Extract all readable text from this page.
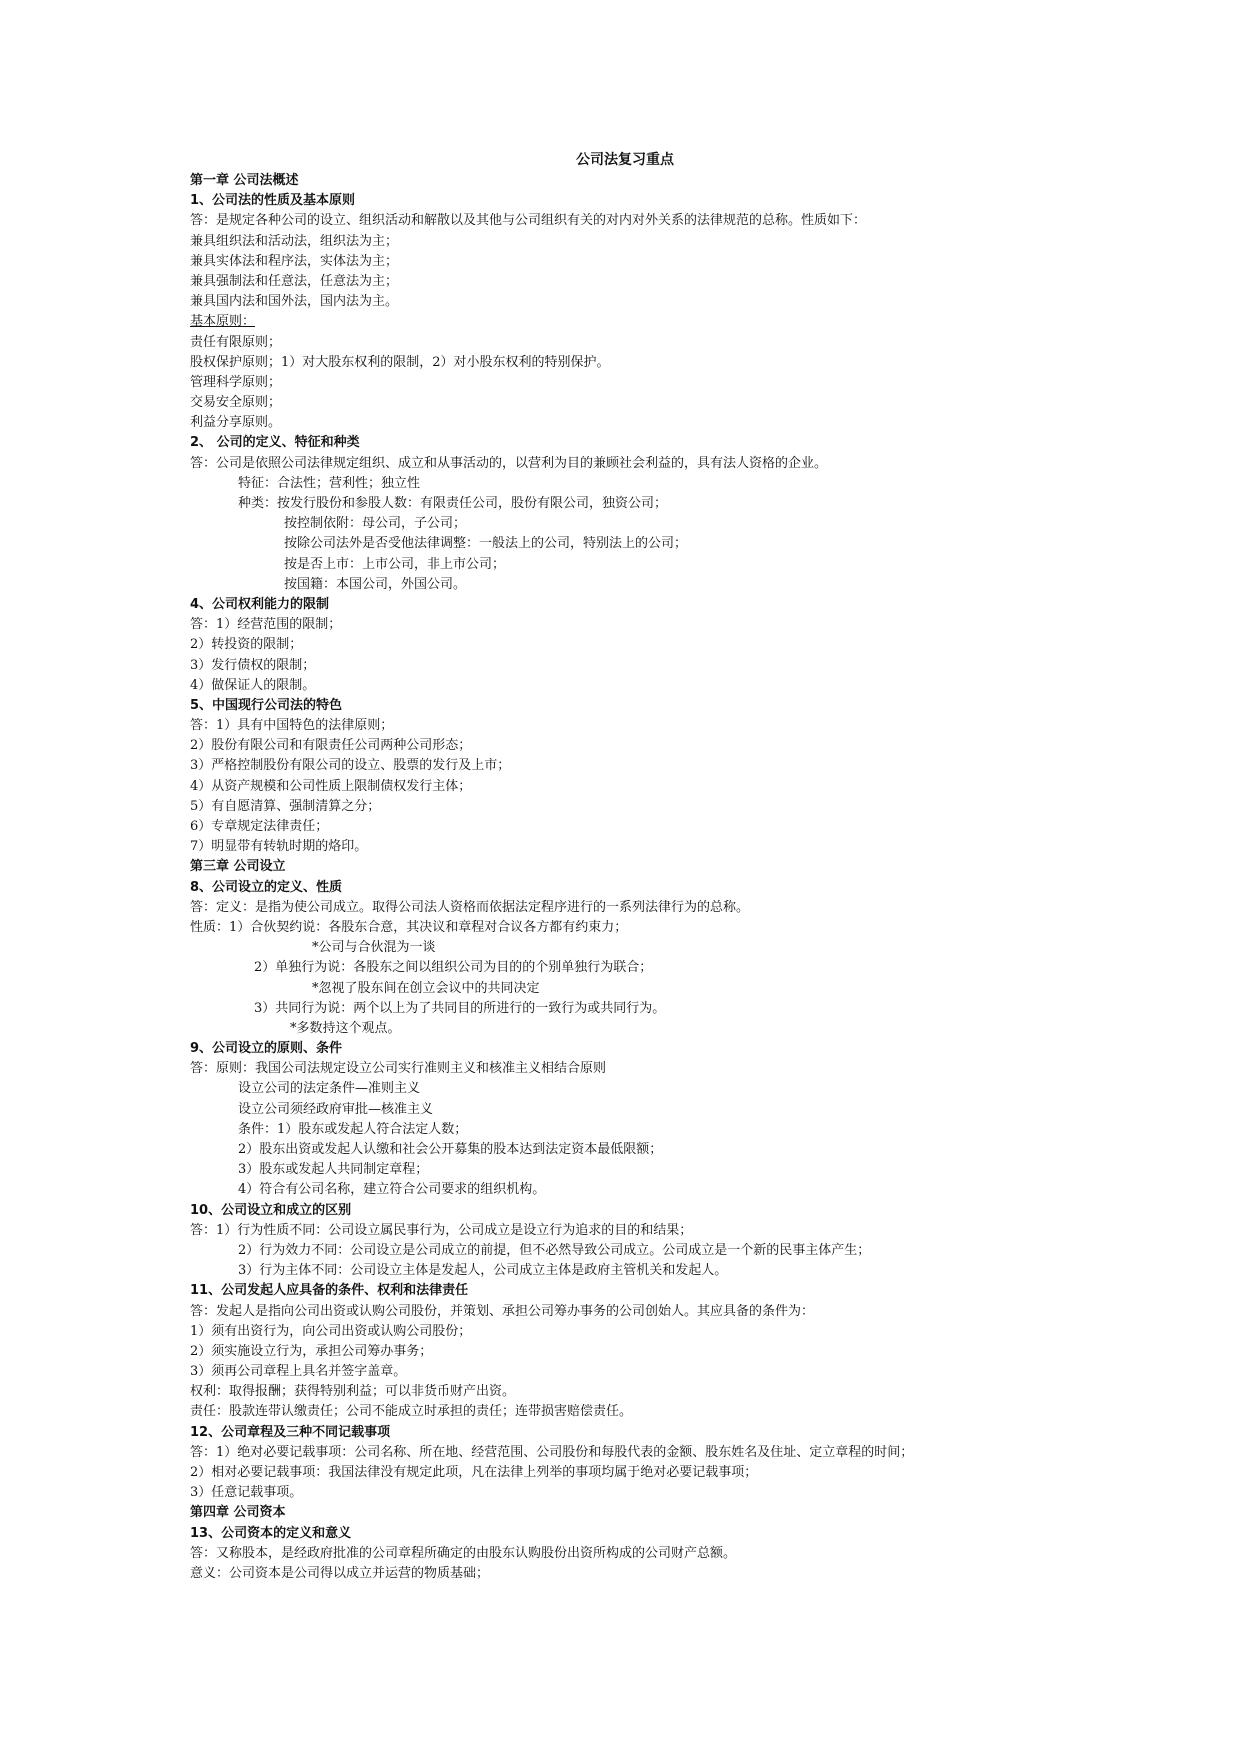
公司法复习重点
第一章 公司法概述
1、公司法的性质及基本原则
答：是规定各种公司的设立、组织活动和解散以及其他与公司组织有关的对内对外关系的法律规范的总称。性质如下：
兼具组织法和活动法，组织法为主；
兼具实体法和程序法，实体法为主；
兼具强制法和任意法，任意法为主；
兼具国内法和国外法，国内法为主。
基本原则：
责任有限原则；
股权保护原则；1）对大股东权利的限制，2）对小股东权利的特别保护。
管理科学原则；
交易安全原则；
利益分享原则。
2、 公司的定义、特征和种类
答：公司是依照公司法律规定组织、成立和从事活动的，以营利为目的兼顾社会利益的，具有法人资格的企业。
特征：合法性；营利性；独立性
种类：按发行股份和参股人数：有限责任公司，股份有限公司，独资公司；
按控制依附：母公司，子公司；
按除公司法外是否受他法律调整：一般法上的公司，特别法上的公司；
按是否上市：上市公司，非上市公司；
按国籍：本国公司，外国公司。
4、公司权利能力的限制
答：1）经营范围的限制；
2）转投资的限制；
3）发行债权的限制；
4）做保证人的限制。
5、中国现行公司法的特色
答：1）具有中国特色的法律原则；
2）股份有限公司和有限责任公司两种公司形态；
3）严格控制股份有限公司的设立、股票的发行及上市；
4）从资产规模和公司性质上限制债权发行主体；
5）有自愿清算、强制清算之分；
6）专章规定法律责任；
7）明显带有转轨时期的烙印。
第三章 公司设立
8、公司设立的定义、性质
答：定义：是指为使公司成立。取得公司法人资格而依据法定程序进行的一系列法律行为的总称。
性质：1）合伙契约说：各股东合意，其决议和章程对合议各方都有约束力；
*公司与合伙混为一谈
2）单独行为说：各股东之间以组织公司为目的的个别单独行为联合；
*忽视了股东间在创立会议中的共同决定
3）共同行为说：两个以上为了共同目的所进行的一致行为或共同行为。
*多数持这个观点。
9、公司设立的原则、条件
答：原则：我国公司法规定设立公司实行准则主义和核准主义相结合原则
设立公司的法定条件—准则主义
设立公司须经政府审批—核准主义
条件：1）股东或发起人符合法定人数；
2）股东出资或发起人认缴和社会公开募集的股本达到法定资本最低限额；
3）股东或发起人共同制定章程；
4）符合有公司名称，建立符合公司要求的组织机构。
10、公司设立和成立的区别
答：1）行为性质不同：公司设立属民事行为，公司成立是设立行为追求的目的和结果；
2）行为效力不同：公司设立是公司成立的前提，但不必然导致公司成立。公司成立是一个新的民事主体产生；
3）行为主体不同：公司设立主体是发起人，公司成立主体是政府主管机关和发起人。
11、公司发起人应具备的条件、权利和法律责任
答：发起人是指向公司出资或认购公司股份，并策划、承担公司筹办事务的公司创始人。其应具备的条件为：
1）须有出资行为，向公司出资或认购公司股份；
2）须实施设立行为，承担公司筹办事务；
3）须再公司章程上具名并签字盖章。
权利：取得报酬；获得特别利益；可以非货币财产出资。
责任：股款连带认缴责任；公司不能成立时承担的责任；连带损害赔偿责任。
12、公司章程及三种不同记载事项
答：1）绝对必要记载事项：公司名称、所在地、经营范围、公司股份和每股代表的金额、股东姓名及住址、定立章程的时间；
2）相对必要记载事项：我国法律没有规定此项，凡在法律上列举的事项均属于绝对必要记载事项；
3）任意记载事项。
第四章 公司资本
13、公司资本的定义和意义
答：又称股本，是经政府批准的公司章程所确定的由股东认购股份出资所构成的公司财产总额。
意义：公司资本是公司得以成立并运营的物质基础；
